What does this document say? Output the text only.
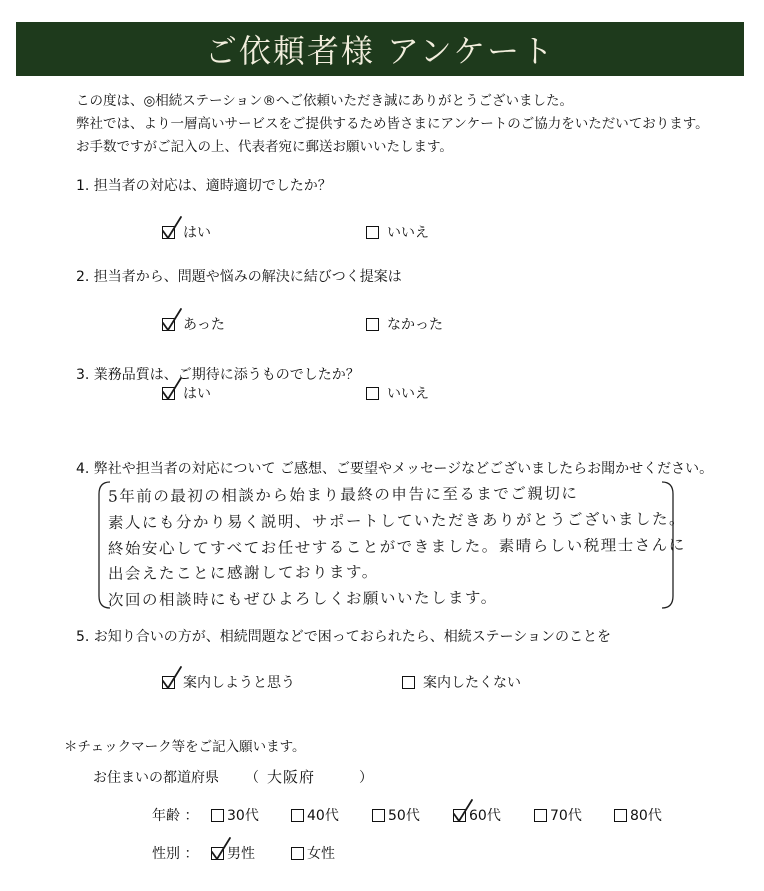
ご依頼者様 アンケート
この度は、◎相続ステーション®へご依頼いただき誠にありがとうございました。
弊社では、より一層高いサービスをご提供するため皆さまにアンケートのご協力をいただいております。
お手数ですがご記入の上、代表者宛に郵送お願いいたします。
1. 担当者の対応は、適時適切でしたか？
はい	いいえ
2. 担当者から、問題や悩みの解決に結びつく提案は
あった	なかった
3. 業務品質は、ご期待に添うものでしたか？
はい	いいえ
4. 弊社や担当者の対応について ご感想、ご要望やメッセージなどございましたらお聞かせください。
5年前の最初の相談から始まり最終の申告に至るまでご親切に
素人にも分かり易く説明、サポートしていただきありがとうございました。
終始安心してすべてお任せすることができました。素晴らしい税理士さんに
出会えたことに感謝しております。
次回の相談時にもぜひよろしくお願いいたします。
5. お知り合いの方が、相続問題などで困っておられたら、相続ステーションのことを
案内しようと思う	案内したくない
＊チェックマーク等をご記入願います。
お住まいの都道府県 （ 大阪府	）
年齢 ： 30代	40代	50代	60代	70代	80代
性別 ： 男性	女性
